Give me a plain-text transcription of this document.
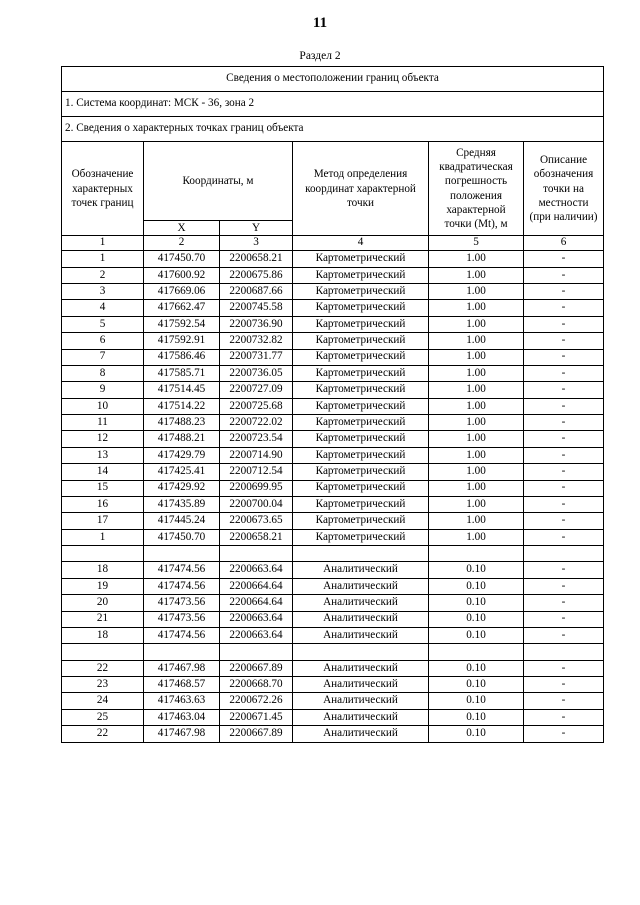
11
Раздел 2
Сведения о местоположении границ объекта					
1. Система координат: МСК - 36, зона 2					
2. Сведения о характерных точках границ объекта					
Обозначение характерных точек границ	Координаты, м		Метод определения координат характерной точки	Средняя квадратическая погрешность положения характерной точки (Mt), м	Описание обозначения точки на местности (при наличии)
	X	Y			
1	2	3	4	5	6
1	417450.70	2200658.21	Картометрический	1.00	-
2	417600.92	2200675.86	Картометрический	1.00	-
3	417669.06	2200687.66	Картометрический	1.00	-
4	417662.47	2200745.58	Картометрический	1.00	-
5	417592.54	2200736.90	Картометрический	1.00	-
6	417592.91	2200732.82	Картометрический	1.00	-
7	417586.46	2200731.77	Картометрический	1.00	-
8	417585.71	2200736.05	Картометрический	1.00	-
9	417514.45	2200727.09	Картометрический	1.00	-
10	417514.22	2200725.68	Картометрический	1.00	-
11	417488.23	2200722.02	Картометрический	1.00	-
12	417488.21	2200723.54	Картометрический	1.00	-
13	417429.79	2200714.90	Картометрический	1.00	-
14	417425.41	2200712.54	Картометрический	1.00	-
15	417429.92	2200699.95	Картометрический	1.00	-
16	417435.89	2200700.04	Картометрический	1.00	-
17	417445.24	2200673.65	Картометрический	1.00	-
1	417450.70	2200658.21	Картометрический	1.00	-

18	417474.56	2200663.64	Аналитический	0.10	-
19	417474.56	2200664.64	Аналитический	0.10	-
20	417473.56	2200664.64	Аналитический	0.10	-
21	417473.56	2200663.64	Аналитический	0.10	-
18	417474.56	2200663.64	Аналитический	0.10	-

22	417467.98	2200667.89	Аналитический	0.10	-
23	417468.57	2200668.70	Аналитический	0.10	-
24	417463.63	2200672.26	Аналитический	0.10	-
25	417463.04	2200671.45	Аналитический	0.10	-
22	417467.98	2200667.89	Аналитический	0.10	-
